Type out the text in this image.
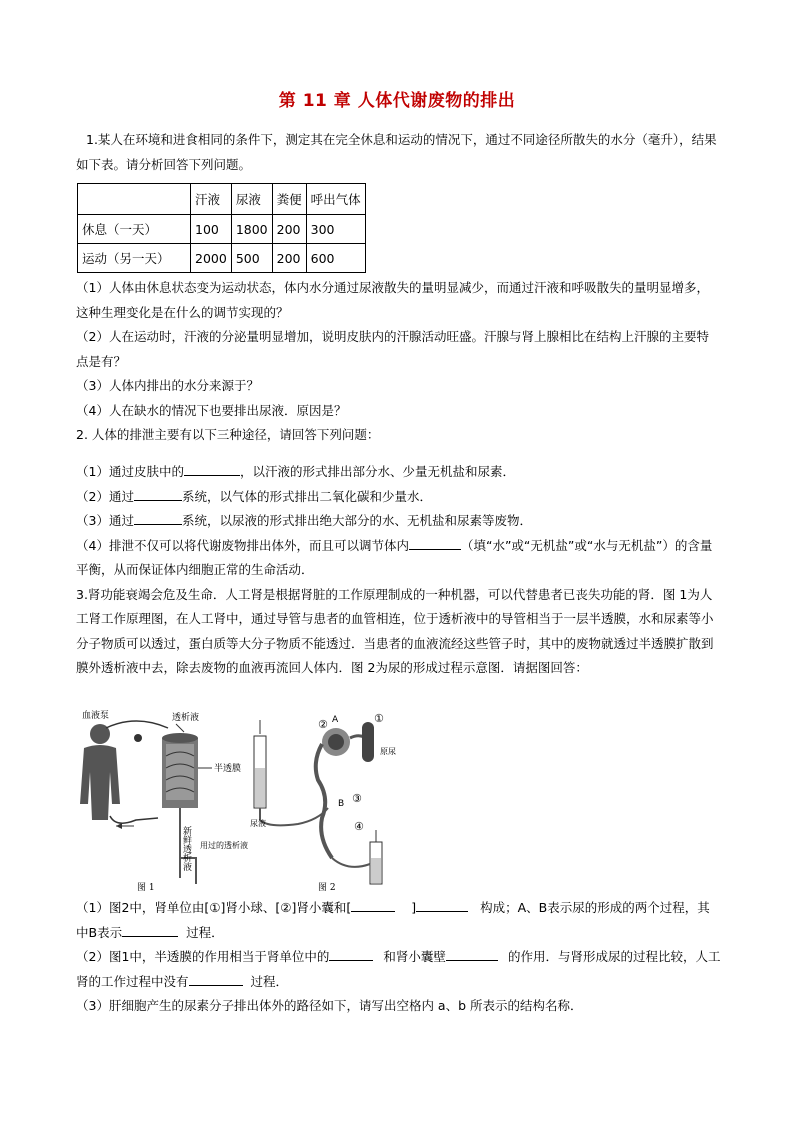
第 11 章 人体代谢废物的排出

1.某人在环境和进食相同的条件下，测定其在完全休息和运动的情况下，通过不同途径所散失的水分（毫升），结果如下表。请分析回答下列问题。

	汗液	尿液	粪便	呼出气体
休息（一天）	100	1800	200	300
运动（另一天）	2000	500	200	600

（1）人体由休息状态变为运动状态，体内水分通过尿液散失的量明显减少，而通过汗液和呼吸散失的量明显增多，这种生理变化是在什么的调节实现的？

（2）人在运动时，汗液的分泌量明显增加，说明皮肤内的汗腺活动旺盛。汗腺与肾上腺相比在结构上汗腺的主要特点是有？

（3）人体内排出的水分来源于？

（4）人在缺水的情况下也要排出尿液．原因是？

2. 人体的排泄主要有以下三种途径，请回答下列问题：

（1）通过皮肤中的	，以汗液的形式排出部分水、少量无机盐和尿素．

（2）通过	系统，以气体的形式排出二氧化碳和少量水．

（3）通过	系统，以尿液的形式排出绝大部分的水、无机盐和尿素等废物．

（4）排泄不仅可以将代谢废物排出体外，而且可以调节体内	（填“水”或“无机盐”或“水与无机盐”）的含量平衡，从而保证体内细胞正常的生命活动．

3.肾功能衰竭会危及生命．人工肾是根据肾脏的工作原理制成的一种机器，可以代替患者已丧失功能的肾．图 1为人工肾工作原理图，在人工肾中，通过导管与患者的血管相连，位于透析液中的导管相当于一层半透膜，水和尿素等小分子物质可以透过，蛋白质等大分子物质不能透过．当患者的血液流经这些管子时，其中的废物就透过半透膜扩散到膜外透析液中去，除去废物的血液再流回人体内．图 2为尿的形成过程示意图．请据图回答：

血液泵	透析液
半透膜
新鲜透析液 用过的透析液
图 1
② A	①
原尿
③
B
④
尿液
图 2

（1）图2中，肾单位由[①]肾小球、[②]肾小囊和[	]	构成；A、B表示尿的形成的两个过程，其中B表示	过程．

（2）图1中，半透膜的作用相当于肾单位中的	和肾小囊壁	的作用．与肾形成尿的过程比较，人工肾的工作过程中没有	过程．

（3）肝细胞产生的尿素分子排出体外的路径如下，请写出空格内 a、b 所表示的结构名称．
